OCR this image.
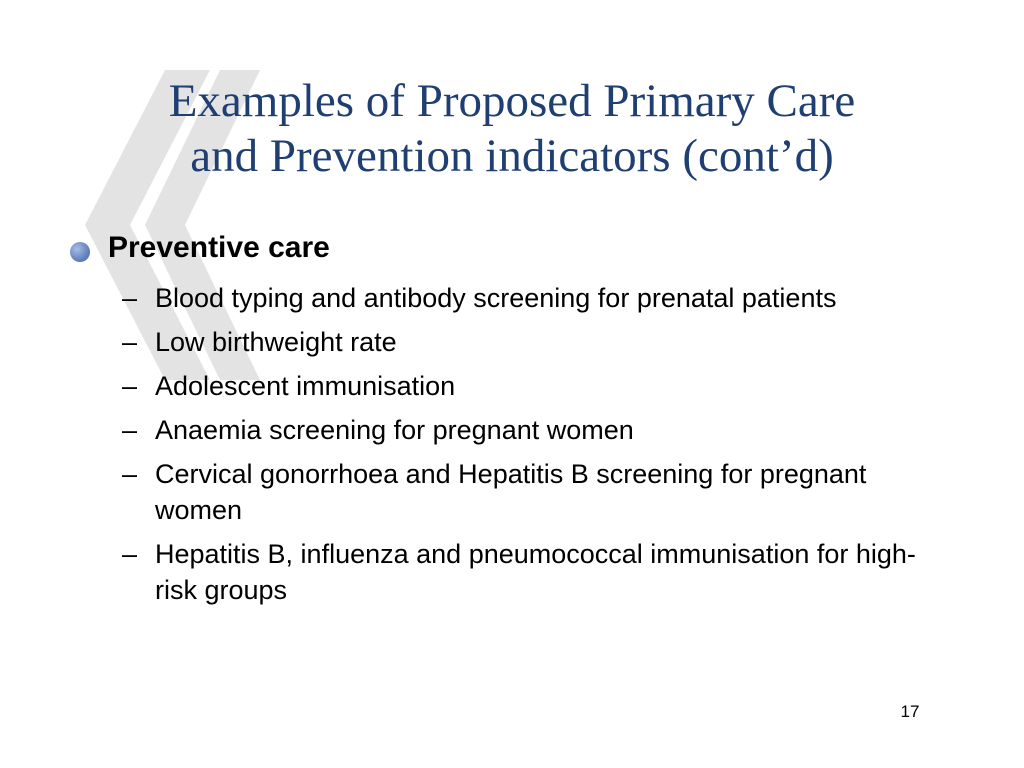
Examples of Proposed Primary Care
and Prevention indicators (cont’d)
Preventive care
– Blood typing and antibody screening for prenatal patients
– Low birthweight rate
– Adolescent immunisation
– Anaemia screening for pregnant women
– Cervical gonorrhoea and Hepatitis B screening for pregnant women
– Hepatitis B, influenza and pneumococcal immunisation for high-risk groups
17
